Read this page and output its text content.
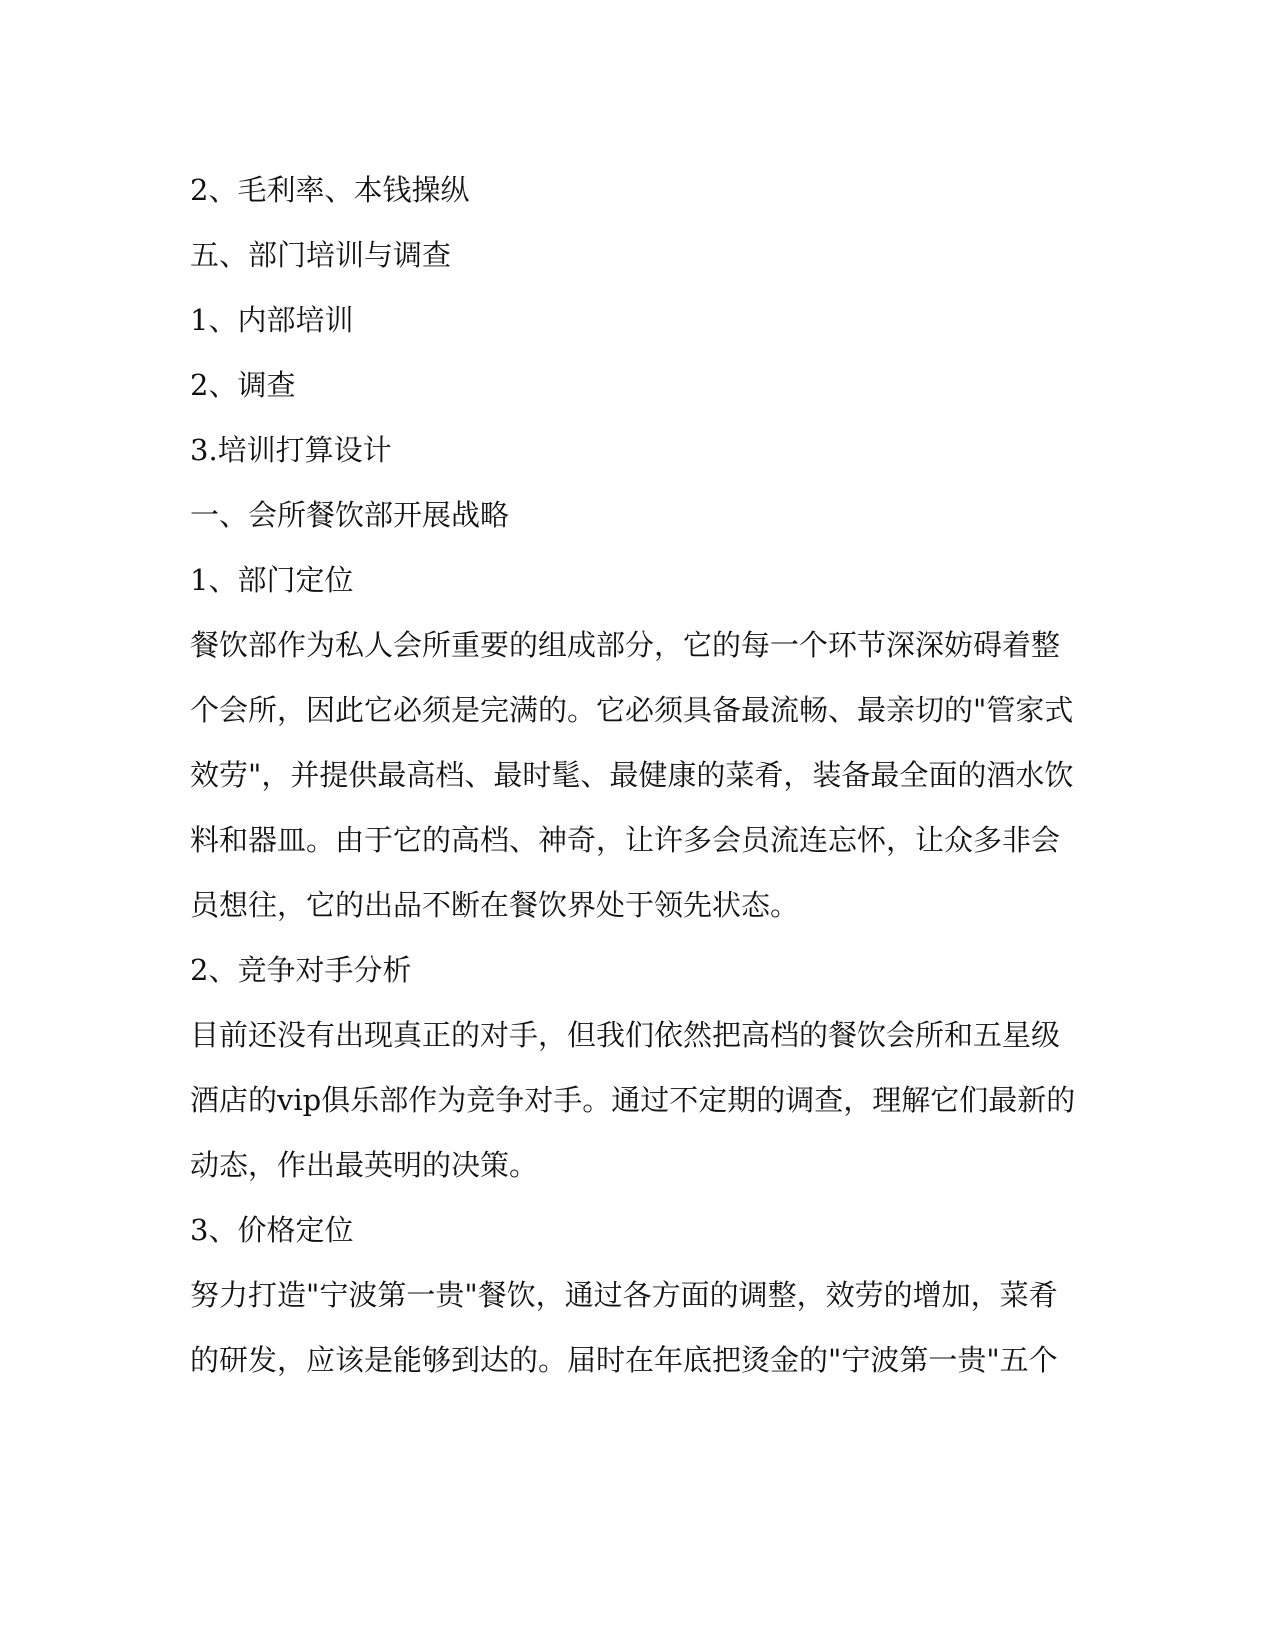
2、毛利率、本钱操纵

五、部门培训与调查

1、内部培训

2、调查

3.培训打算设计

一、会所餐饮部开展战略

1、部门定位

餐饮部作为私人会所重要的组成部分，它的每一个环节深深妨碍着整

个会所，因此它必须是完满的。它必须具备最流畅、最亲切的"管家式

效劳"，并提供最高档、最时髦、最健康的菜肴，装备最全面的酒水饮

料和器皿。由于它的高档、神奇，让许多会员流连忘怀，让众多非会

员想往，它的出品不断在餐饮界处于领先状态。

2、竞争对手分析

目前还没有出现真正的对手，但我们依然把高档的餐饮会所和五星级

酒店的vip俱乐部作为竞争对手。通过不定期的调查，理解它们最新的

动态，作出最英明的决策。

3、价格定位

努力打造"宁波第一贵"餐饮，通过各方面的调整，效劳的增加，菜肴

的研发，应该是能够到达的。届时在年底把烫金的"宁波第一贵"五个
